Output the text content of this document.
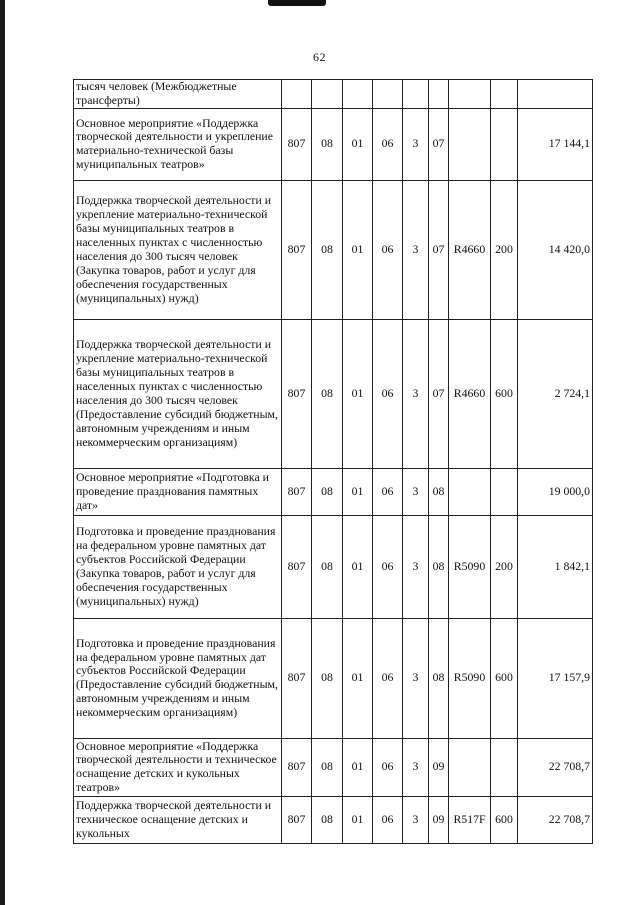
62
тысяч человек (Межбюджетные трансферты)									

Основное мероприятие «Поддержка творческой деятельности и укрепление материально-технической базы муниципальных театров»	807	08	01	06	3	07			17 144,1

Поддержка творческой деятельности и укрепление материально-технической базы муниципальных театров в населенных пунктах с численностью населения до 300 тысяч человек (Закупка товаров, работ и услуг для обеспечения государственных (муниципальных) нужд)	807	08	01	06	3	07	R4660	200	14 420,0

Поддержка творческой деятельности и укрепление материально-технической базы муниципальных театров в населенных пунктах с численностью населения до 300 тысяч человек (Предоставление субсидий бюджетным, автономным учреждениям и иным некоммерческим организациям)	807	08	01	06	3	07	R4660	600	2 724,1

Основное мероприятие «Подготовка и проведение празднования памятных дат»	807	08	01	06	3	08			19 000,0

Подготовка и проведение празднования на федеральном уровне памятных дат субъектов Российской Федерации (Закупка товаров, работ и услуг для обеспечения государственных (муниципальных) нужд)	807	08	01	06	3	08	R5090	200	1 842,1

Подготовка и проведение празднования на федеральном уровне памятных дат субъектов Российской Федерации (Предоставление субсидий бюджетным, автономным учреждениям и иным некоммерческим организациям)	807	08	01	06	3	08	R5090	600	17 157,9

Основное мероприятие «Поддержка творческой деятельности и техническое оснащение детских и кукольных театров»	807	08	01	06	3	09			22 708,7

Поддержка творческой деятельности и техническое оснащение детских и кукольных	807	08	01	06	3	09	R517F	600	22 708,7
